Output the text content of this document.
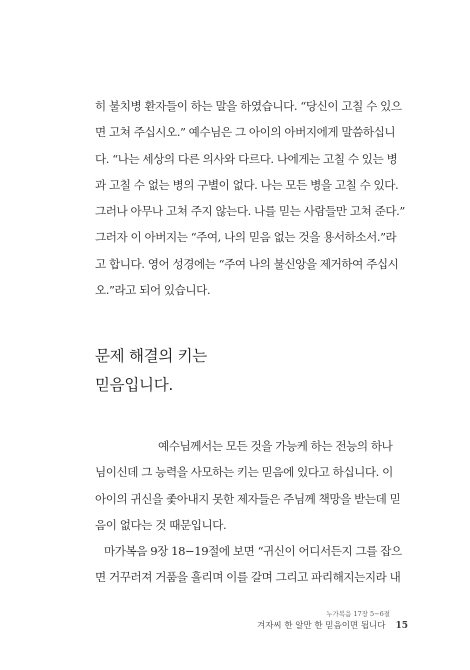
히 불치병 환자들이 하는 말을 하였습니다. “당신이 고칠 수 있으
면 고쳐 주십시오.” 예수님은 그 아이의 아버지에게 말씀하십니
다. “나는 세상의 다른 의사와 다르다. 나에게는 고칠 수 있는 병
과 고칠 수 없는 병의 구별이 없다. 나는 모든 병을 고칠 수 있다.
그러나 아무나 고쳐 주지 않는다. 나를 믿는 사람들만 고쳐 준다.”
그러자 이 아버지는 “주여, 나의 믿음 없는 것을 용서하소서.”라
고 합니다. 영어 성경에는 “주여 나의 불신앙을 제거하여 주십시
오.”라고 되어 있습니다.
문제 해결의 키는
믿음입니다.
예수님께서는 모든 것을 가능케 하는 전능의 하나
님이신데 그 능력을 사모하는 키는 믿음에 있다고 하십니다. 이
아이의 귀신을 좇아내지 못한 제자들은 주님께 책망을 받는데 믿
음이 없다는 것 때문입니다.
마가복음 9장 18−19절에 보면 “귀신이 어디서든지 그를 잡으
면 거꾸러져 거품을 흘리며 이를 갈며 그리고 파리해지는지라 내
누가복음 17장 5−6절
겨자씨 한 알만 한 믿음이면 됩니다 15
